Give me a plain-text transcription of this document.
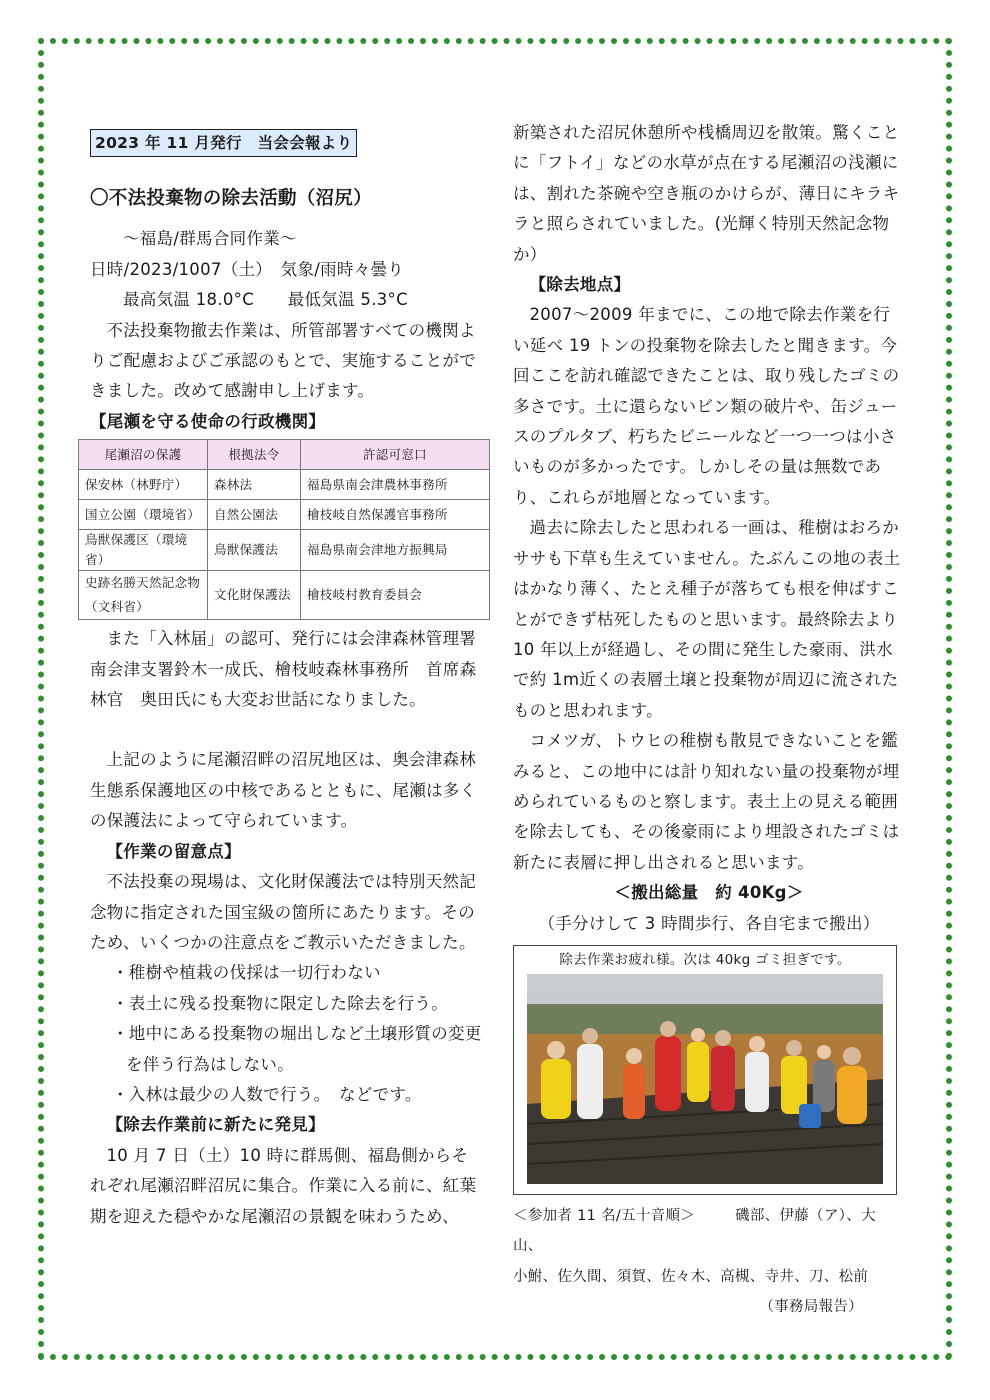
2023 年 11 月発行　当会会報より
〇不法投棄物の除去活動（沼尻）

～福島/群馬合同作業～

日時/2023/1007（土）　気象/雨時々曇り

最高気温 18.0°C　　最低気温 5.3°C

不法投棄物撤去作業は、所管部署すべての機関よりご配慮およびご承認のもとで、実施することができました。改めて感謝申し上げます。

【尾瀬を守る使命の行政機関】

尾瀬沼の保護	根拠法令	許認可窓口
保安林（林野庁）	森林法	福島県南会津農林事務所
国立公園（環境省）	自然公園法	檜枝岐自然保護官事務所
鳥獣保護区（環境省）	鳥獣保護法	福島県南会津地方振興局
史跡名勝天然記念物（文科省）	文化財保護法	檜枝岐村教育委員会

また「入林届」の認可、発行には会津森林管理署南会津支署鈴木一成氏、檜枝岐森林事務所　首席森林官　奥田氏にも大変お世話になりました。

上記のように尾瀬沼畔の沼尻地区は、奥会津森林生態系保護地区の中核であるとともに、尾瀬は多くの保護法によって守られています。

【作業の留意点】

不法投棄の現場は、文化財保護法では特別天然記念物に指定された国宝級の箇所にあたります。そのため、いくつかの注意点をご教示いただきました。

・稚樹や植栽の伐採は一切行わない

・表土に残る投棄物に限定した除去を行う。

・地中にある投棄物の堀出しなど土壌形質の変更を伴う行為はしない。

・入林は最少の人数で行う。　などです。

【除去作業前に新たに発見】

10 月 7 日（土）10 時に群馬側、福島側からそれぞれ尾瀬沼畔沼尻に集合。作業に入る前に、紅葉期を迎えた穏やかな尾瀬沼の景観を味わうため、

新築された沼尻休憩所や桟橋周辺を散策。驚くことに「フトイ」などの水草が点在する尾瀬沼の浅瀬には、割れた茶碗や空き瓶のかけらが、薄日にキラキラと照らされていました。(光輝く特別天然記念物か）

【除去地点】

2007～2009 年までに、この地で除去作業を行い延べ 19 トンの投棄物を除去したと聞きます。今回ここを訪れ確認できたことは、取り残したゴミの多さです。土に還らないビン類の破片や、缶ジュースのプルタブ、朽ちたビニールなど一つ一つは小さいものが多かったです。しかしその量は無数であり、これらが地層となっています。

過去に除去したと思われる一画は、稚樹はおろかササも下草も生えていません。たぶんこの地の表土はかなり薄く、たとえ種子が落ちても根を伸ばすことができず枯死したものと思います。最終除去より 10 年以上が経過し、その間に発生した豪雨、洪水で約 1m近くの表層土壌と投棄物が周辺に流されたものと思われます。

コメツガ、トウヒの稚樹も散見できないことを鑑みると、この地中には計り知れない量の投棄物が埋められているものと察します。表土上の見える範囲を除去しても、その後豪雨により埋設されたゴミは新たに表層に押し出されると思います。

＜搬出総量　約 40Kg＞

（手分けして 3 時間歩行、各自宅まで搬出）

除去作業お疲れ様。次は 40kg ゴミ担ぎです。

＜参加者 11 名/五十音順＞	磯部、伊藤（ア）、大山、

小鮒、佐久間、須賀、佐々木、高槻、寺井、刀、松前

（事務局報告）
